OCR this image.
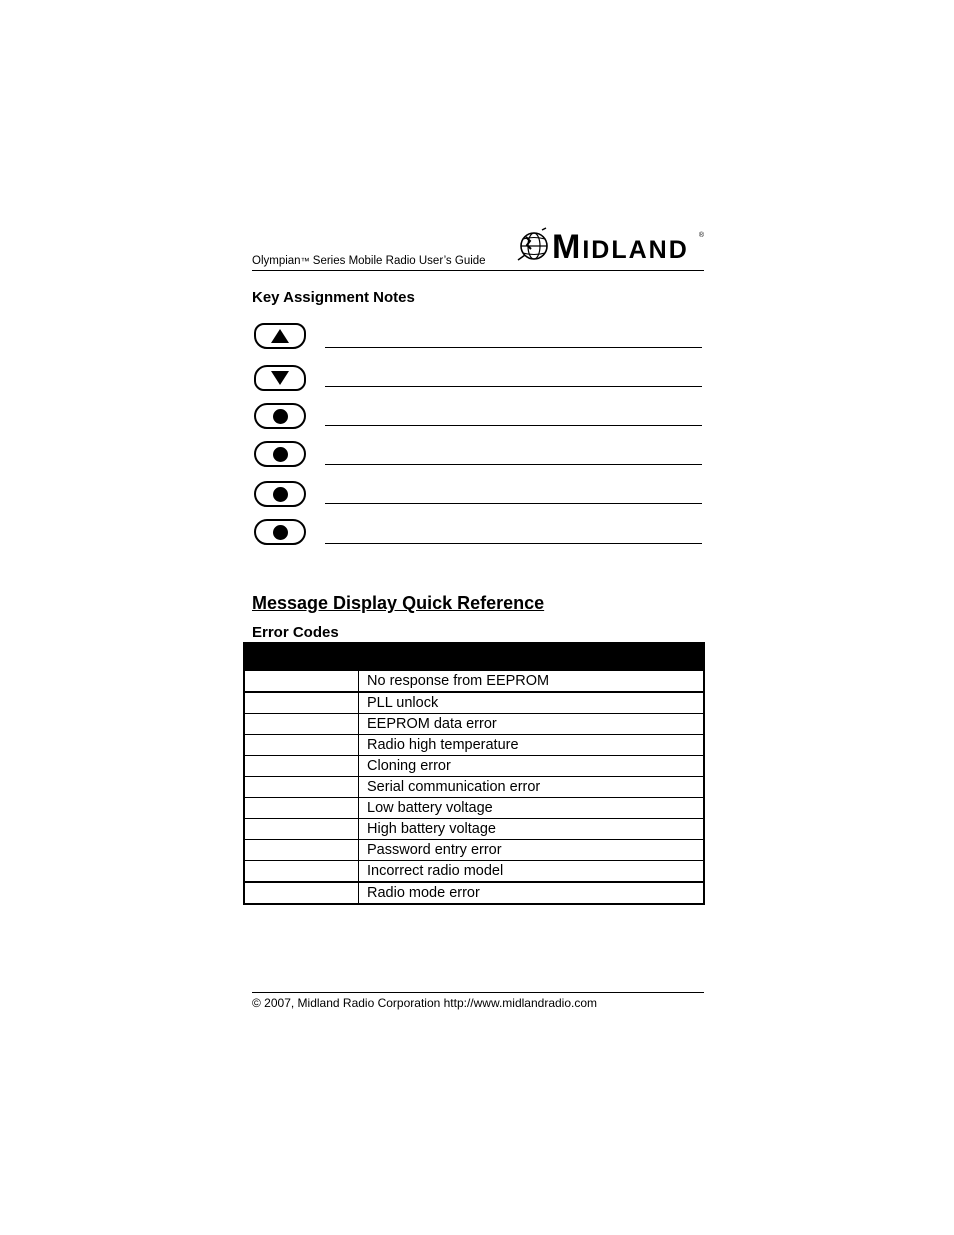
Olympian™ Series Mobile Radio User’s Guide MIDLAND
®
Key Assignment Notes
Message Display Quick Reference
Error Codes

	No response from EEPROM
	PLL unlock
	EEPROM data error
	Radio high temperature
	Cloning error
	Serial communication error
	Low battery voltage
	High battery voltage
	Password entry error
	Incorrect radio model
	Radio mode error
© 2007, Midland Radio Corporation http://www.midlandradio.com
